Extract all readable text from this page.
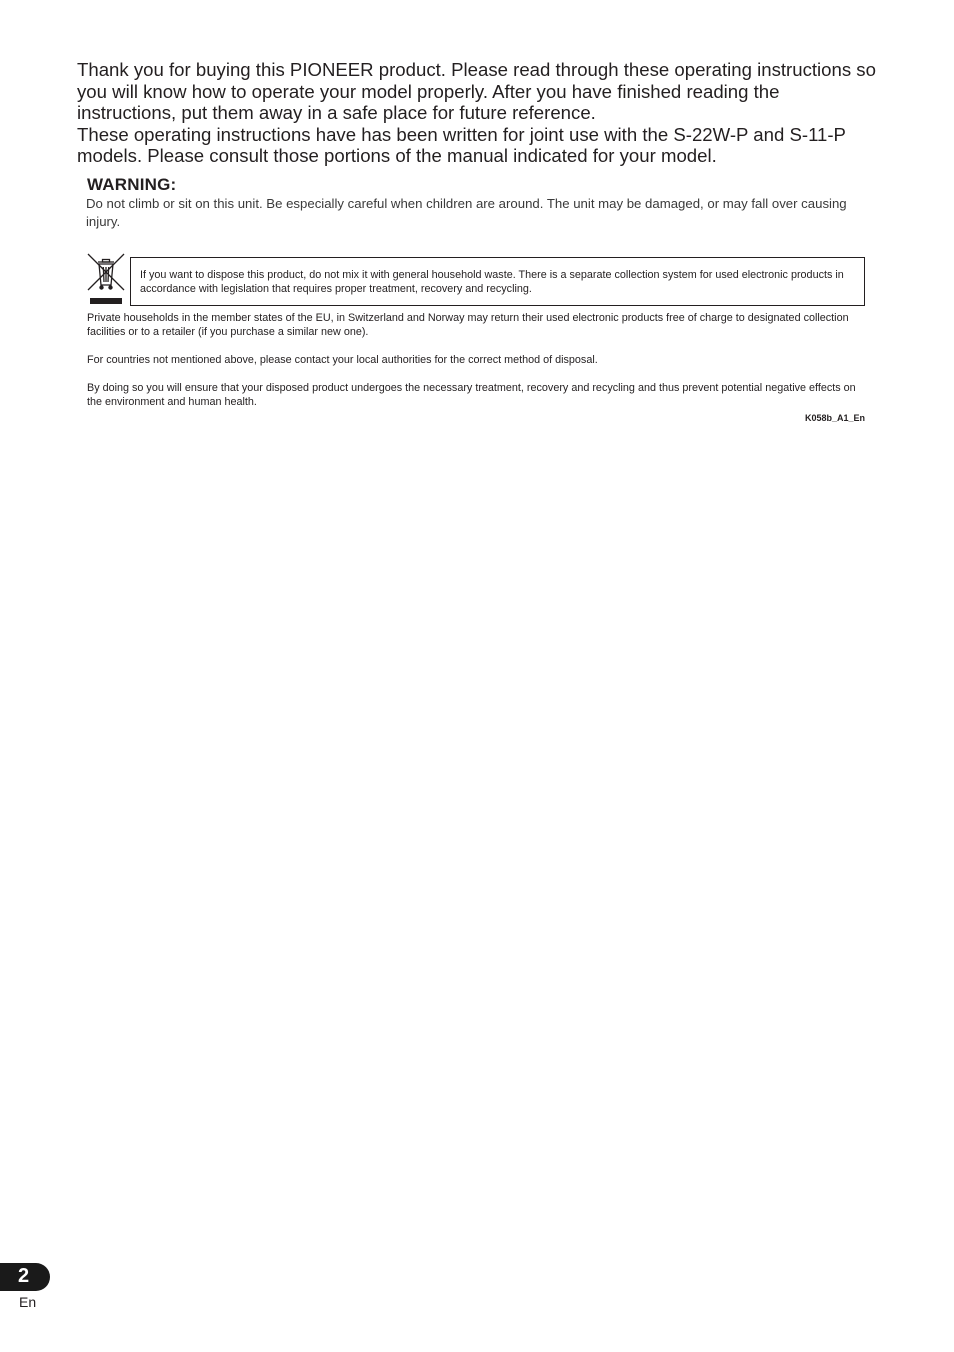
Thank you for buying this PIONEER product. Please read through these operating instructions so you will know how to operate your model properly. After you have finished reading the instructions, put them away in a safe place for future reference.

These operating instructions have has been written for joint use with the S-22W-P and S-11-P models. Please consult those portions of the manual indicated for your model.

WARNING:
Do not climb or sit on this unit. Be especially careful when children are around. The unit may be damaged, or may fall over causing injury.
If you want to dispose this product, do not mix it with general household waste. There is a separate collection system for used electronic products in accordance with legislation that requires proper treatment, recovery and recycling.
Private households in the member states of the EU, in Switzerland and Norway may return their used electronic products free of charge to designated collection facilities or to a retailer (if you purchase a similar new one).
For countries not mentioned above, please contact your local authorities for the correct method of disposal.
By doing so you will ensure that your disposed product undergoes the necessary treatment, recovery and recycling and thus prevent potential negative effects on the environment and human health.
K058b_A1_En
2
En
